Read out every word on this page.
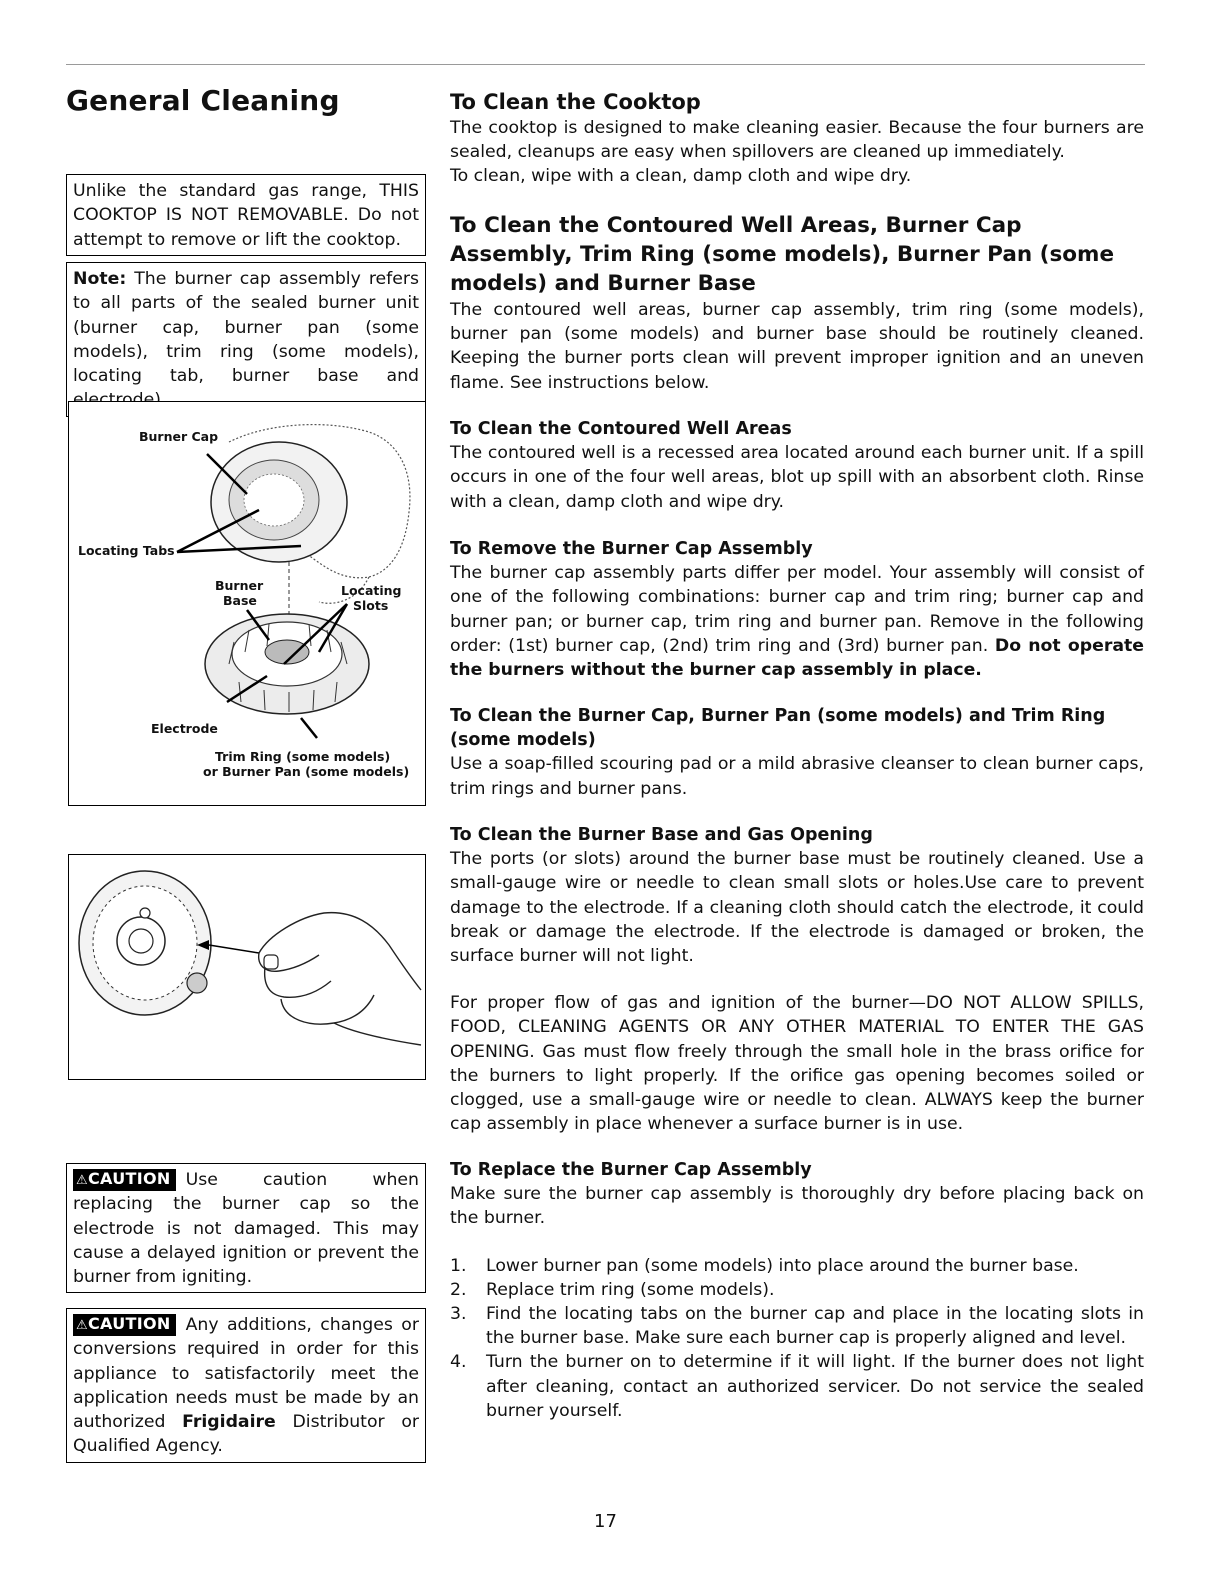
General Cleaning
Unlike the standard gas range, THIS COOKTOP IS NOT REMOVABLE. Do not attempt to remove or lift the cooktop.
Note: The burner cap assembly refers to all parts of the sealed burner unit (burner cap, burner pan (some models), trim ring (some models), locating tab, burner base and
Burner Cap
Locating Tabs
Burner
Base
Locating
Slots
Electrode
Trim Ring (some models)
or Burner Pan (some models)
⚠CAUTION Use caution when replacing the burner cap so the electrode is not damaged. This may cause a delayed ignition or prevent the burner from igniting.
⚠CAUTION Any additions, changes or conversions required in order for this appliance to satisfactorily meet the application needs must be made by an authorized Frigidaire Distributor or Qualified Agency.
To Clean the Cooktop

The cooktop is designed to make cleaning easier. Because the four burners are sealed, cleanups are easy when spillovers are cleaned up immediately.

To clean, wipe with a clean, damp cloth and wipe dry.

To Clean the Contoured Well Areas, Burner Cap Assembly, Trim Ring (some models), Burner Pan (some models) and Burner Base

The contoured well areas, burner cap assembly, trim ring (some models), burner pan (some models) and burner base should be routinely cleaned. Keeping the burner ports clean will prevent improper ignition and an uneven flame. See instructions below.

To Clean the Contoured Well Areas

The contoured well is a recessed area located around each burner unit. If a spill occurs in one of the four well areas, blot up spill with an absorbent cloth. Rinse with a clean, damp cloth and wipe dry.

To Remove the Burner Cap Assembly

The burner cap assembly parts differ per model. Your assembly will consist of one of the following combinations: burner cap and trim ring; burner cap and burner pan; or burner cap, trim ring and burner pan. Remove in the following order: (1st) burner cap, (2nd) trim ring and (3rd) burner pan. Do not operate the burners without the burner cap assembly in place.

To Clean the Burner Cap, Burner Pan (some models) and Trim Ring (some models)

Use a soap-filled scouring pad or a mild abrasive cleanser to clean burner caps, trim rings and burner pans.

To Clean the Burner Base and Gas Opening

The ports (or slots) around the burner base must be routinely cleaned. Use a small-gauge wire or needle to clean small slots or holes.Use care to prevent damage to the electrode. If a cleaning cloth should catch the electrode, it could break or damage the electrode. If the electrode is damaged or broken, the surface burner will not light.

For proper flow of gas and ignition of the burner—DO NOT ALLOW SPILLS, FOOD, CLEANING AGENTS OR ANY OTHER MATERIAL TO ENTER THE GAS OPENING. Gas must flow freely through the small hole in the brass orifice for the burners to light properly. If the orifice gas opening becomes soiled or clogged, use a small-gauge wire or needle to clean. ALWAYS keep the burner cap assembly in place whenever a surface burner is in use.

To Replace the Burner Cap Assembly

Make sure the burner cap assembly is thoroughly dry before placing back on the burner.

1. Lower burner pan (some models) into place around the burner base.
2. Replace trim ring (some models).
3. Find the locating tabs on the burner cap and place in the locating slots in the burner base. Make sure each burner cap is properly aligned and level.
4. Turn the burner on to determine if it will light. If the burner does not light after cleaning, contact an authorized servicer. Do not service the sealed burner yourself.
17
